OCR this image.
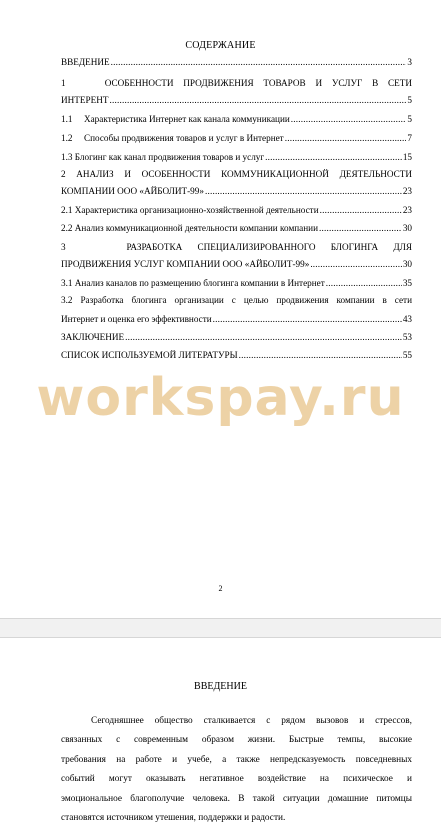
СОДЕРЖАНИЕ
ВВЕДЕНИЕ .....	3
1	ОСОБЕННОСТИ ПРОДВИЖЕНИЯ ТОВАРОВ И УСЛУГ В СЕТИ
ИНТЕРЕНТ .....	5
1.1 Характеристика Интернет как канала коммуникации .....	5
1.2 Способы продвижения товаров и услуг в Интернет .....	7
1.3 Блогинг как канал продвижения товаров и услуг .....	15
2 АНАЛИЗ И ОСОБЕННОСТИ КОММУНИКАЦИОННОЙ ДЕЯТЕЛЬНОСТИ
КОМПАНИИ ООО «АЙБОЛИТ-99» .....	23
2.1 Характеристика организационно-хозяйственной деятельности .....	23
2.2 Анализ коммуникационной деятельности компании компании .....	30
3	РАЗРАБОТКА СПЕЦИАЛИЗИРОВАННОГО БЛОГИНГА ДЛЯ
ПРОДВИЖЕНИЯ УСЛУГ КОМПАНИИ ООО «АЙБОЛИТ-99» .....	30
3.1 Анализ каналов по размещению блогинга компании в Интернет .....	35
3.2 Разработка блогинга организации с целью продвижения компании в сети
Интернет и оценка его эффективности .....	43
ЗАКЛЮЧЕНИЕ .....	53
СПИСОК ИСПОЛЬЗУЕМОЙ ЛИТЕРАТУРЫ .....	55
workspay.ru
2
ВВЕДЕНИЕ
Сегодняшнее общество сталкивается с рядом вызовов и стрессов,
связанных с современным образом жизни. Быстрые темпы, высокие
требования на работе и учебе, а также непредсказуемость повседневных
событий могут оказывать негативное воздействие на психическое и
эмоциональное благополучие человека. В такой ситуации домашние питомцы
становятся источником утешения, поддержки и радости.
